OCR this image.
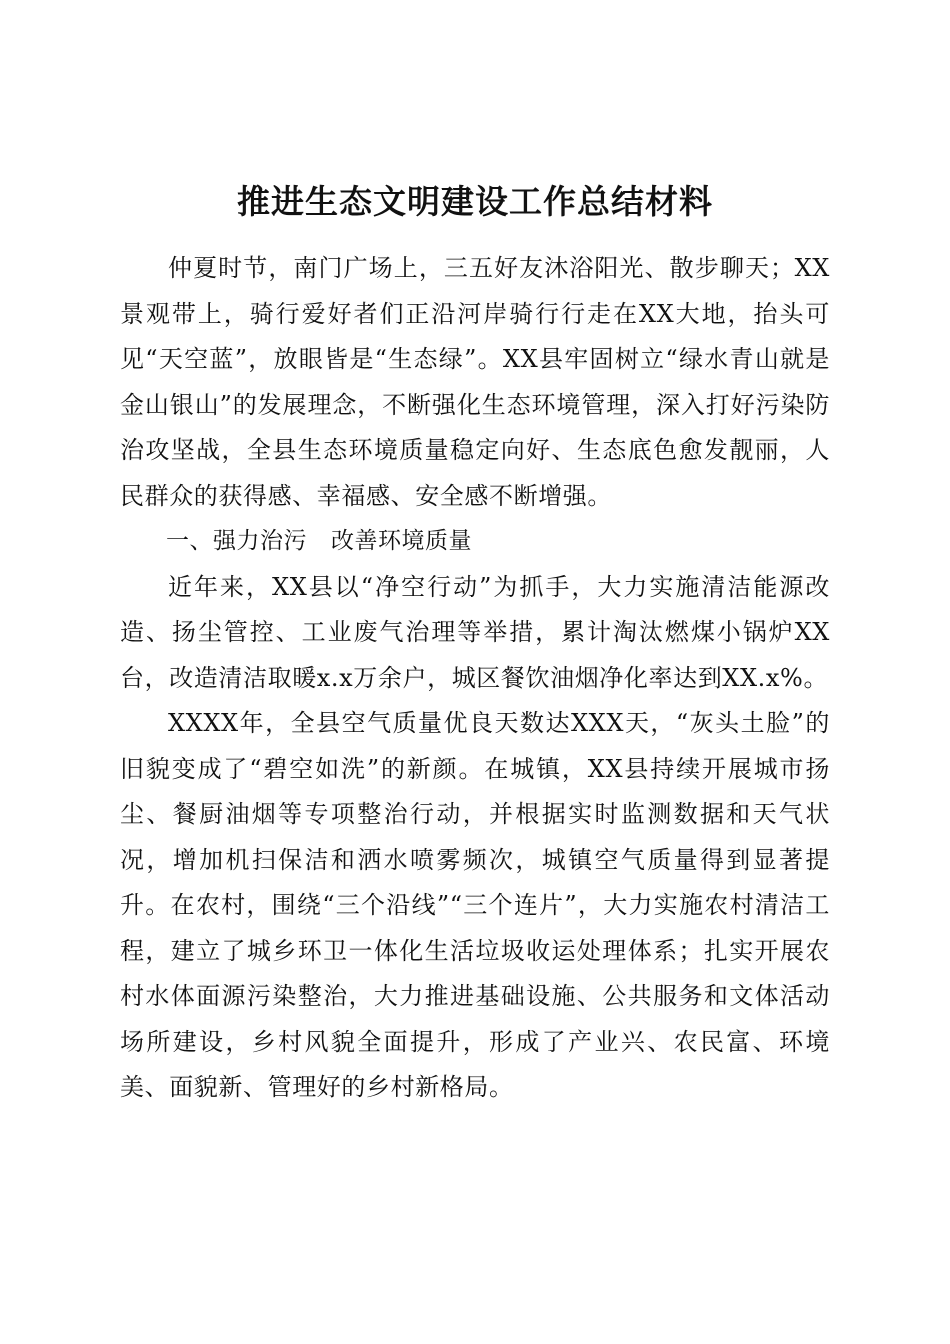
推进生态文明建设工作总结材料

仲夏时节，南门广场上，三五好友沐浴阳光、散步聊天；XX景观带上，骑行爱好者们正沿河岸骑行行走在XX大地，抬头可见“天空蓝”，放眼皆是“生态绿”。XX县牢固树立“绿水青山就是金山银山”的发展理念，不断强化生态环境管理，深入打好污染防治攻坚战，全县生态环境质量稳定向好、生态底色愈发靓丽，人民群众的获得感、幸福感、安全感不断增强。

一、强力治污 改善环境质量

近年来，XX县以“净空行动”为抓手，大力实施清洁能源改造、扬尘管控、工业废气治理等举措，累计淘汰燃煤小锅炉XX台，改造清洁取暖x.x万余户，城区餐饮油烟净化率达到XX.x%。

XXXX年，全县空气质量优良天数达XXX天，“灰头土脸”的旧貌变成了“碧空如洗”的新颜。在城镇，XX县持续开展城市扬尘、餐厨油烟等专项整治行动，并根据实时监测数据和天气状况，增加机扫保洁和洒水喷雾频次，城镇空气质量得到显著提升。在农村，围绕“三个沿线”“三个连片”，大力实施农村清洁工程，建立了城乡环卫一体化生活垃圾收运处理体系；扎实开展农村水体面源污染整治，大力推进基础设施、公共服务和文体活动场所建设，乡村风貌全面提升，形成了产业兴、农民富、环境美、面貌新、管理好的乡村新格局。
